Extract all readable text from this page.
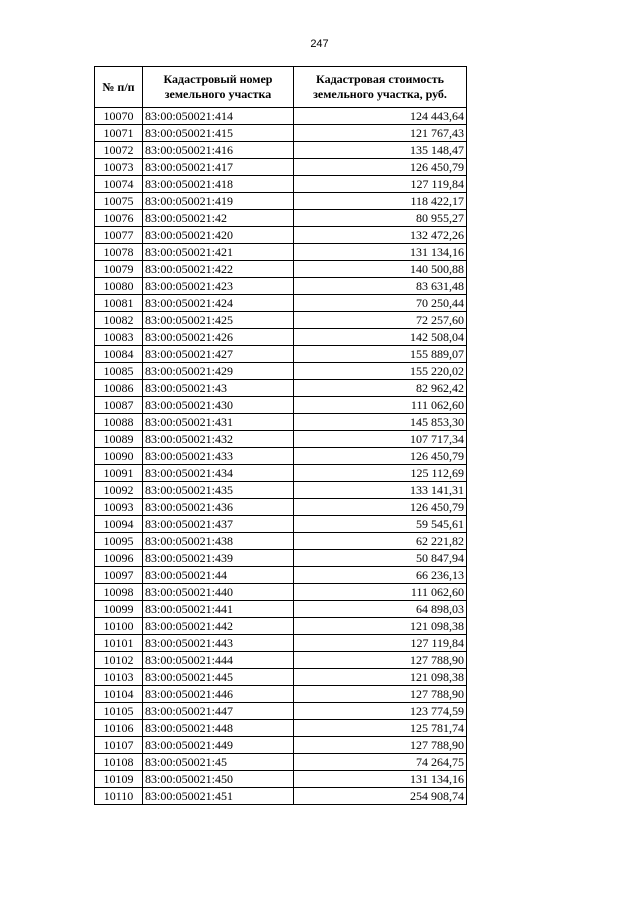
247
№ п/п	Кадастровый номер земельного участка	Кадастровая стоимость земельного участка, руб.
10070	83:00:050021:414	124 443,64
10071	83:00:050021:415	121 767,43
10072	83:00:050021:416	135 148,47
10073	83:00:050021:417	126 450,79
10074	83:00:050021:418	127 119,84
10075	83:00:050021:419	118 422,17
10076	83:00:050021:42	80 955,27
10077	83:00:050021:420	132 472,26
10078	83:00:050021:421	131 134,16
10079	83:00:050021:422	140 500,88
10080	83:00:050021:423	83 631,48
10081	83:00:050021:424	70 250,44
10082	83:00:050021:425	72 257,60
10083	83:00:050021:426	142 508,04
10084	83:00:050021:427	155 889,07
10085	83:00:050021:429	155 220,02
10086	83:00:050021:43	82 962,42
10087	83:00:050021:430	111 062,60
10088	83:00:050021:431	145 853,30
10089	83:00:050021:432	107 717,34
10090	83:00:050021:433	126 450,79
10091	83:00:050021:434	125 112,69
10092	83:00:050021:435	133 141,31
10093	83:00:050021:436	126 450,79
10094	83:00:050021:437	59 545,61
10095	83:00:050021:438	62 221,82
10096	83:00:050021:439	50 847,94
10097	83:00:050021:44	66 236,13
10098	83:00:050021:440	111 062,60
10099	83:00:050021:441	64 898,03
10100	83:00:050021:442	121 098,38
10101	83:00:050021:443	127 119,84
10102	83:00:050021:444	127 788,90
10103	83:00:050021:445	121 098,38
10104	83:00:050021:446	127 788,90
10105	83:00:050021:447	123 774,59
10106	83:00:050021:448	125 781,74
10107	83:00:050021:449	127 788,90
10108	83:00:050021:45	74 264,75
10109	83:00:050021:450	131 134,16
10110	83:00:050021:451	254 908,74
